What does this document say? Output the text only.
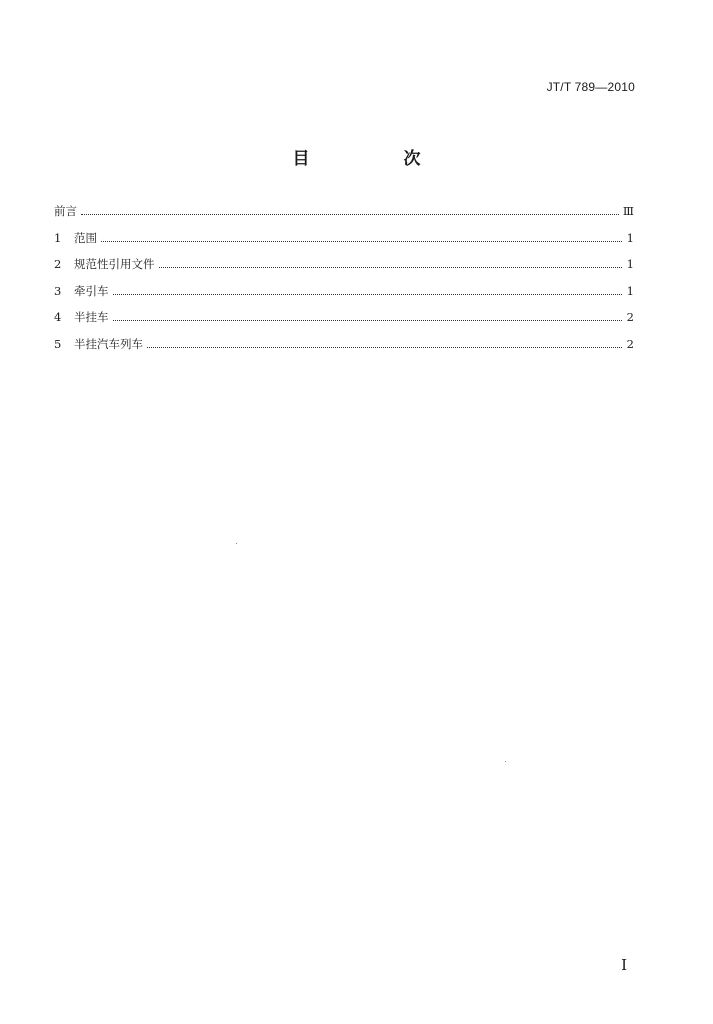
JT/T 789—2010
目 次
前言	Ⅲ
1	范围	1
2	规范性引用文件	1
3	牵引车	1
4	半挂车	2
5	半挂汽车列车	2
Ⅰ
